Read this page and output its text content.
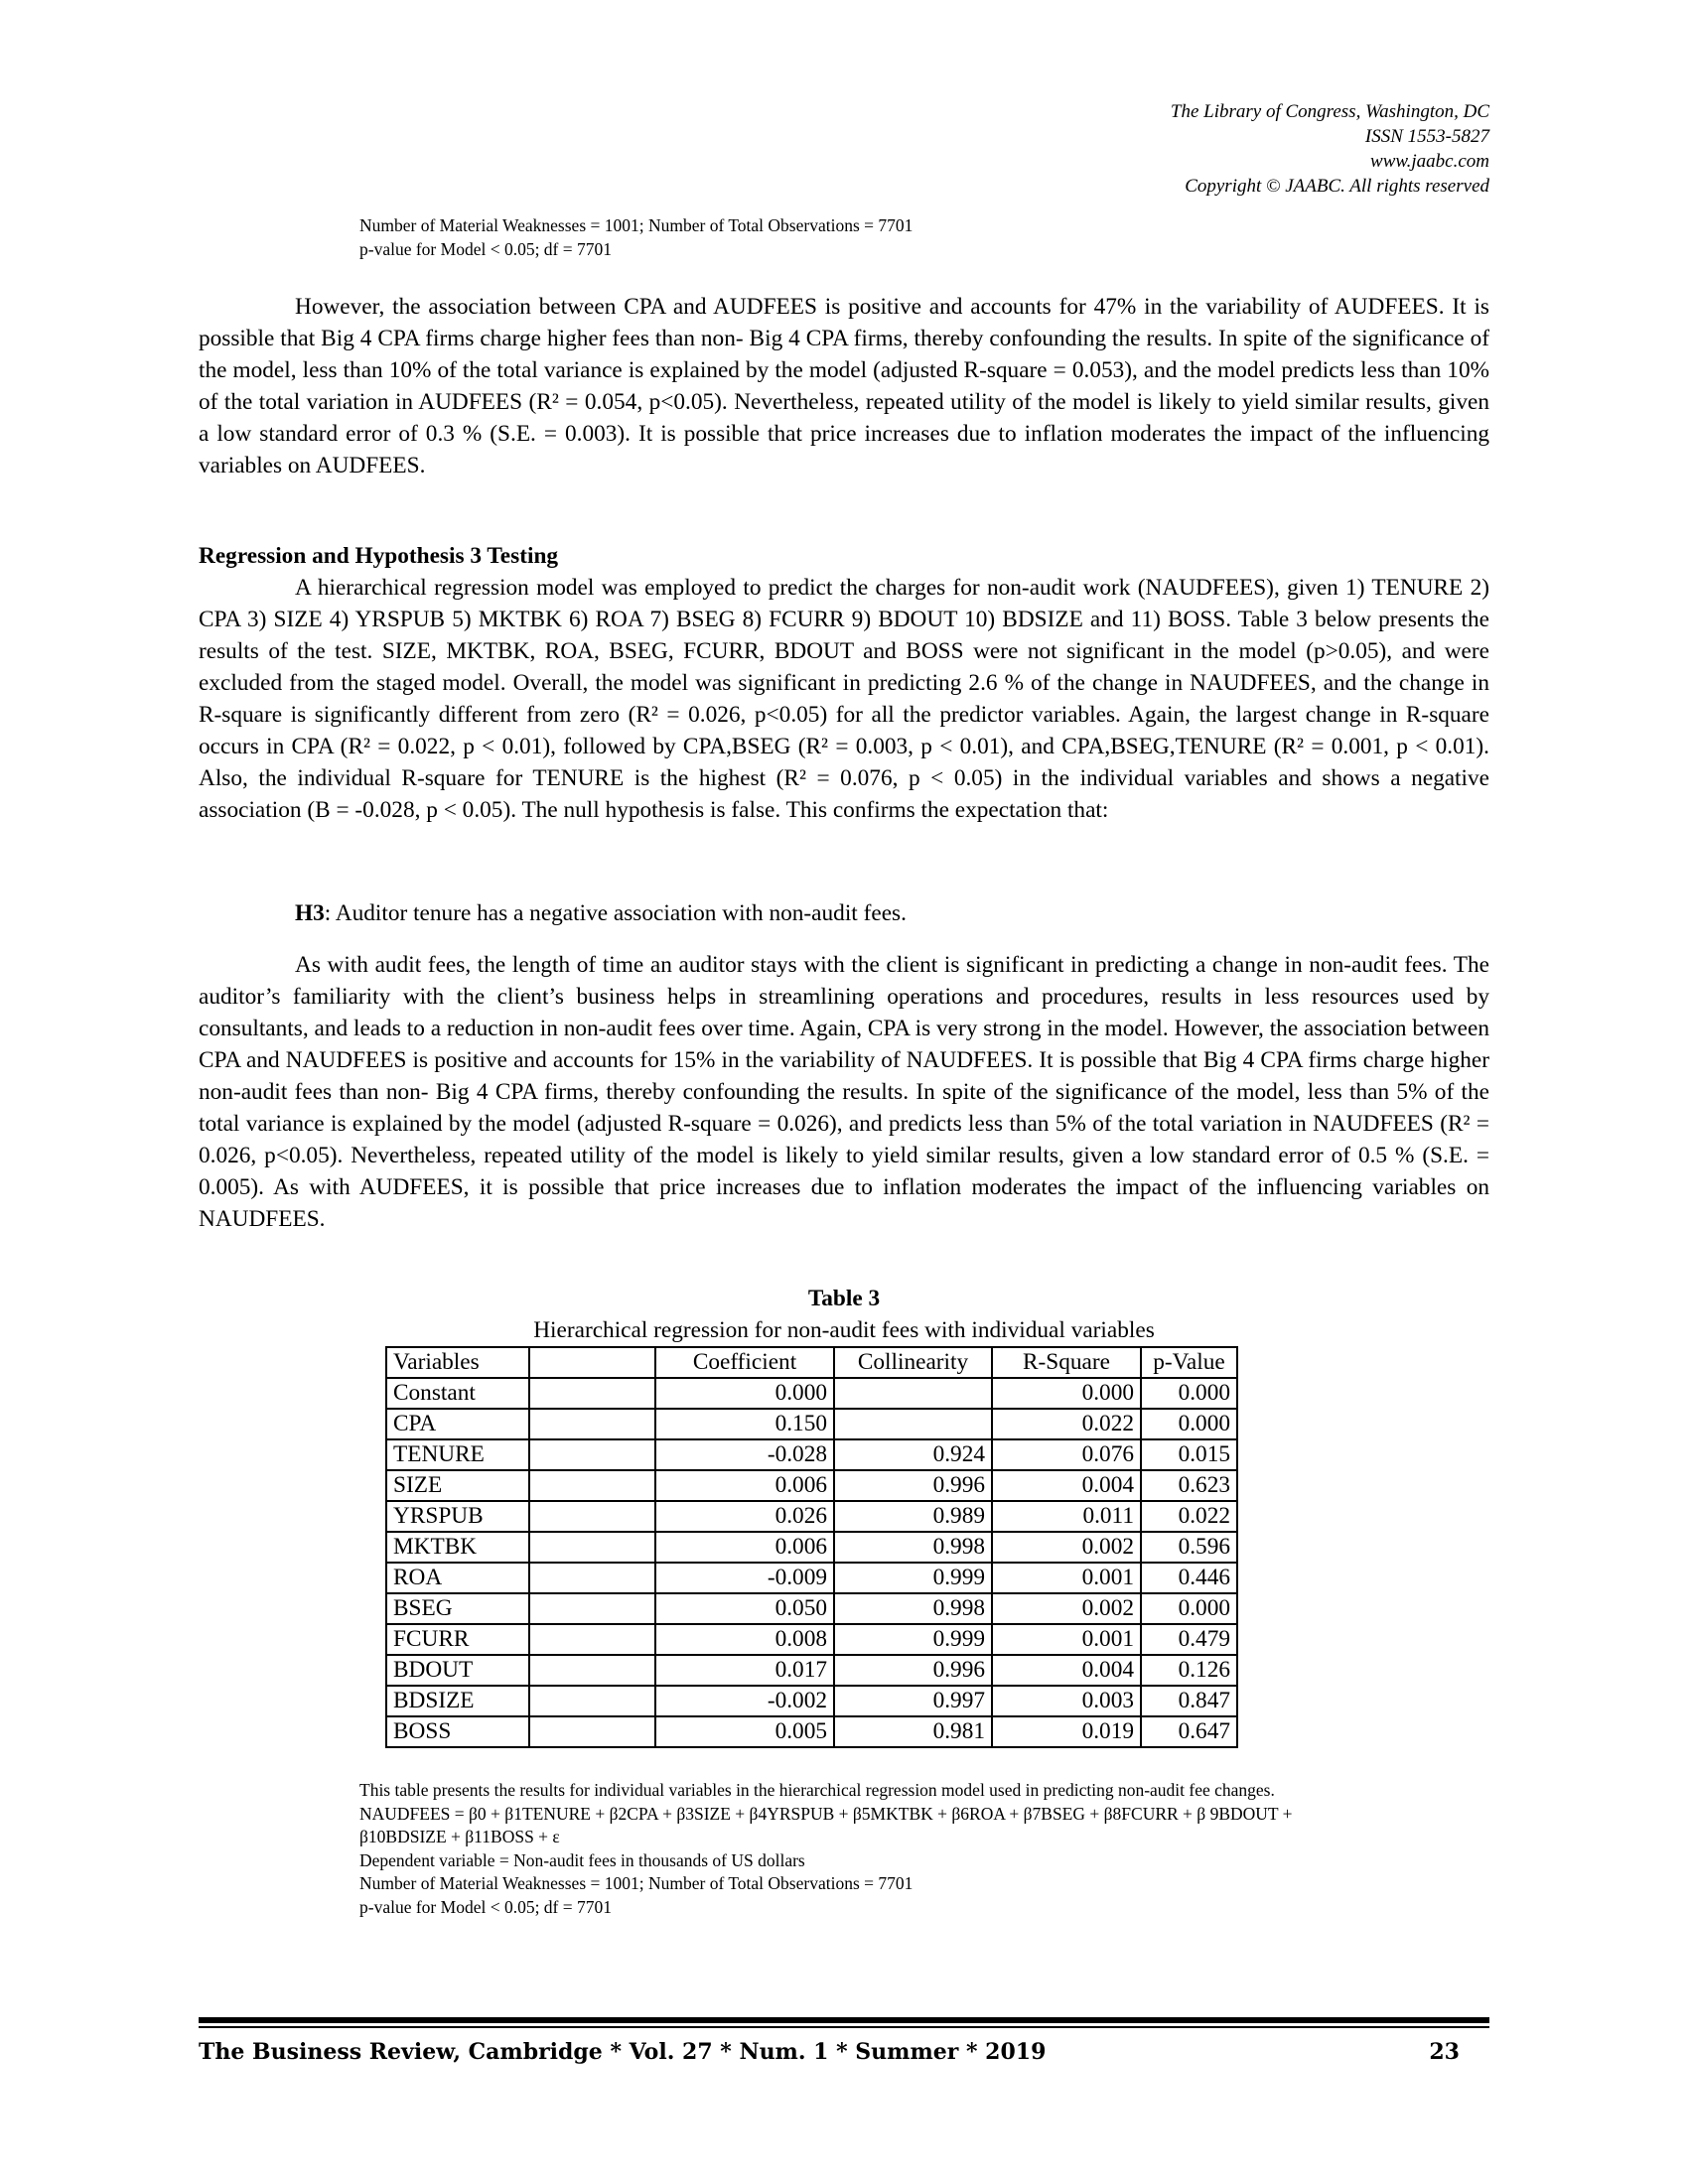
The Library of Congress, Washington, DC
ISSN 1553-5827
www.jaabc.com
Copyright © JAABC. All rights reserved
Number of Material Weaknesses = 1001; Number of Total Observations = 7701
p-value for Model < 0.05; df = 7701

However, the association between CPA and AUDFEES is positive and accounts for 47% in the variability of AUDFEES. It is possible that Big 4 CPA firms charge higher fees than non- Big 4 CPA firms, thereby confounding the results. In spite of the significance of the model, less than 10% of the total variance is explained by the model (adjusted R-square = 0.053), and the model predicts less than 10% of the total variation in AUDFEES (R² = 0.054, p<0.05). Nevertheless, repeated utility of the model is likely to yield similar results, given a low standard error of 0.3 % (S.E. = 0.003). It is possible that price increases due to inflation moderates the impact of the influencing variables on AUDFEES.

Regression and Hypothesis 3 Testing

A hierarchical regression model was employed to predict the charges for non-audit work (NAUDFEES), given 1) TENURE 2) CPA 3) SIZE 4) YRSPUB 5) MKTBK 6) ROA 7) BSEG 8) FCURR 9) BDOUT 10) BDSIZE and 11) BOSS. Table 3 below presents the results of the test. SIZE, MKTBK, ROA, BSEG, FCURR, BDOUT and BOSS were not significant in the model (p>0.05), and were excluded from the staged model. Overall, the model was significant in predicting 2.6 % of the change in NAUDFEES, and the change in R-square is significantly different from zero (R² = 0.026, p<0.05) for all the predictor variables. Again, the largest change in R-square occurs in CPA (R² = 0.022, p < 0.01), followed by CPA,BSEG (R² = 0.003, p < 0.01), and CPA,BSEG,TENURE (R² = 0.001, p < 0.01). Also, the individual R-square for TENURE is the highest (R² = 0.076, p < 0.05) in the individual variables and shows a negative association (B = -0.028, p < 0.05). The null hypothesis is false. This confirms the expectation that:

H3: Auditor tenure has a negative association with non-audit fees.

As with audit fees, the length of time an auditor stays with the client is significant in predicting a change in non-audit fees. The auditor’s familiarity with the client’s business helps in streamlining operations and procedures, results in less resources used by consultants, and leads to a reduction in non-audit fees over time. Again, CPA is very strong in the model. However, the association between CPA and NAUDFEES is positive and accounts for 15% in the variability of NAUDFEES. It is possible that Big 4 CPA firms charge higher non-audit fees than non- Big 4 CPA firms, thereby confounding the results. In spite of the significance of the model, less than 5% of the total variance is explained by the model (adjusted R-square = 0.026), and predicts less than 5% of the total variation in NAUDFEES (R² = 0.026, p<0.05). Nevertheless, repeated utility of the model is likely to yield similar results, given a low standard error of 0.5 % (S.E. = 0.005). As with AUDFEES, it is possible that price increases due to inflation moderates the impact of the influencing variables on NAUDFEES.

Table 3
Hierarchical regression for non-audit fees with individual variables
Variables		Coefficient	Collinearity	R-Square	p-Value
Constant		0.000		0.000	0.000
CPA		0.150		0.022	0.000
TENURE		-0.028	0.924	0.076	0.015
SIZE		0.006	0.996	0.004	0.623
YRSPUB		0.026	0.989	0.011	0.022
MKTBK		0.006	0.998	0.002	0.596
ROA		-0.009	0.999	0.001	0.446
BSEG		0.050	0.998	0.002	0.000
FCURR		0.008	0.999	0.001	0.479
BDOUT		0.017	0.996	0.004	0.126
BDSIZE		-0.002	0.997	0.003	0.847
BOSS		0.005	0.981	0.019	0.647
This table presents the results for individual variables in the hierarchical regression model used in predicting non-audit fee changes.
NAUDFEES = β0 + β1TENURE + β2CPA + β3SIZE + β4YRSPUB + β5MKTBK + β6ROA + β7BSEG + β8FCURR + β 9BDOUT + β10BDSIZE + β11BOSS + ε
Dependent variable = Non-audit fees in thousands of US dollars
Number of Material Weaknesses = 1001; Number of Total Observations = 7701
p-value for Model < 0.05; df = 7701
The Business Review, Cambridge * Vol. 27 * Num. 1 * Summer * 2019	23
